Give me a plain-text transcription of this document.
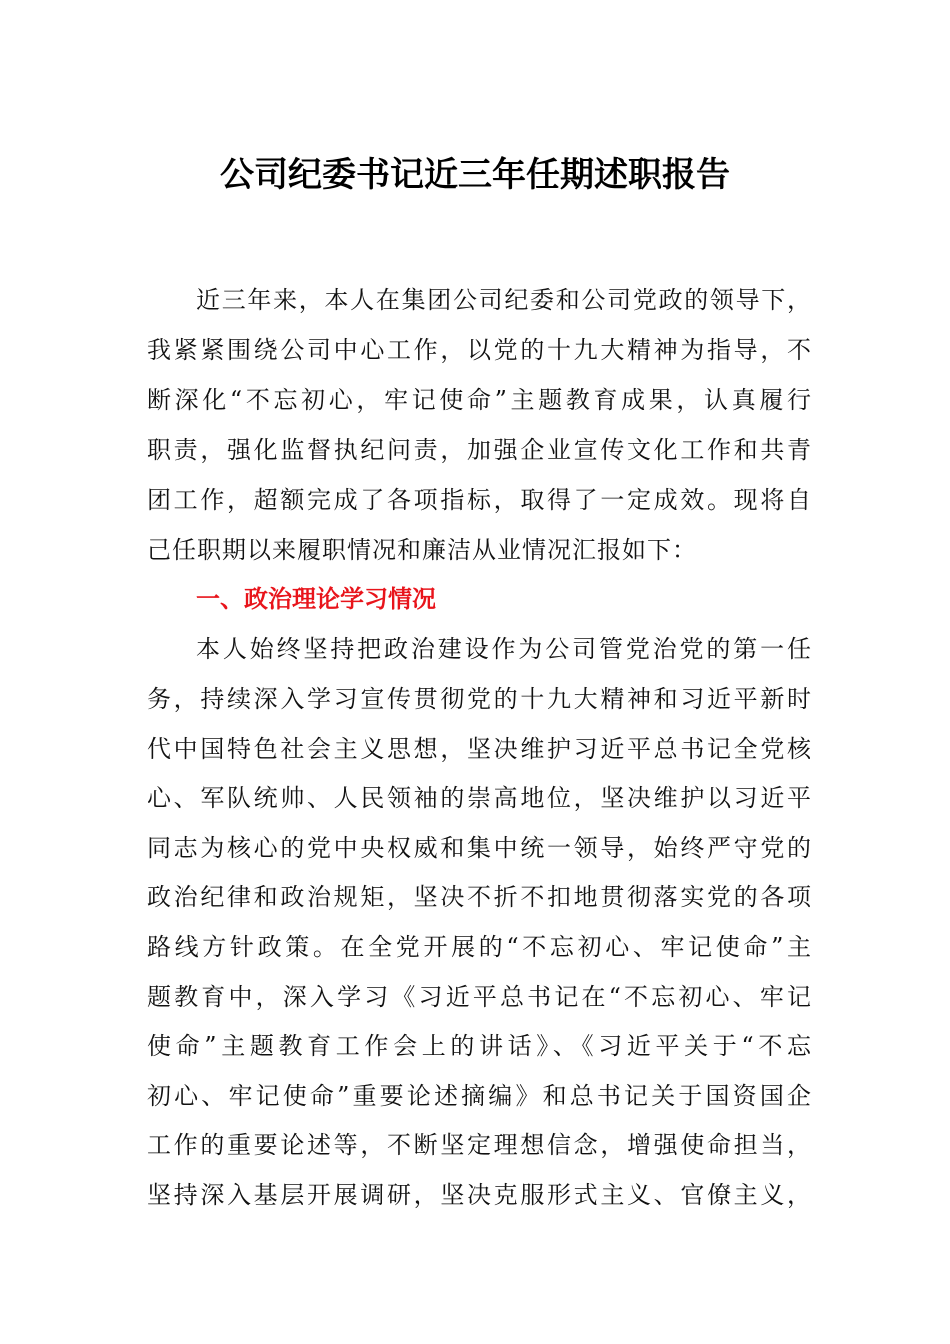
公司纪委书记近三年任期述职报告
近三年来，本人在集团公司纪委和公司党政的领导下，
我紧紧围绕公司中心工作，以党的十九大精神为指导，不
断深化“不忘初心，牢记使命”主题教育成果，认真履行
职责，强化监督执纪问责，加强企业宣传文化工作和共青
团工作，超额完成了各项指标，取得了一定成效。现将自
己任职期以来履职情况和廉洁从业情况汇报如下：
一、政治理论学习情况
本人始终坚持把政治建设作为公司管党治党的第一任
务，持续深入学习宣传贯彻党的十九大精神和习近平新时
代中国特色社会主义思想，坚决维护习近平总书记全党核
心、军队统帅、人民领袖的崇高地位，坚决维护以习近平
同志为核心的党中央权威和集中统一领导，始终严守党的
政治纪律和政治规矩，坚决不折不扣地贯彻落实党的各项
路线方针政策。在全党开展的“不忘初心、牢记使命”主
题教育中，深入学习《习近平总书记在“不忘初心、牢记
使命”主题教育工作会上的讲话》、《习近平关于“不忘
初心、牢记使命”重要论述摘编》和总书记关于国资国企
工作的重要论述等，不断坚定理想信念，增强使命担当，
坚持深入基层开展调研，坚决克服形式主义、官僚主义，
